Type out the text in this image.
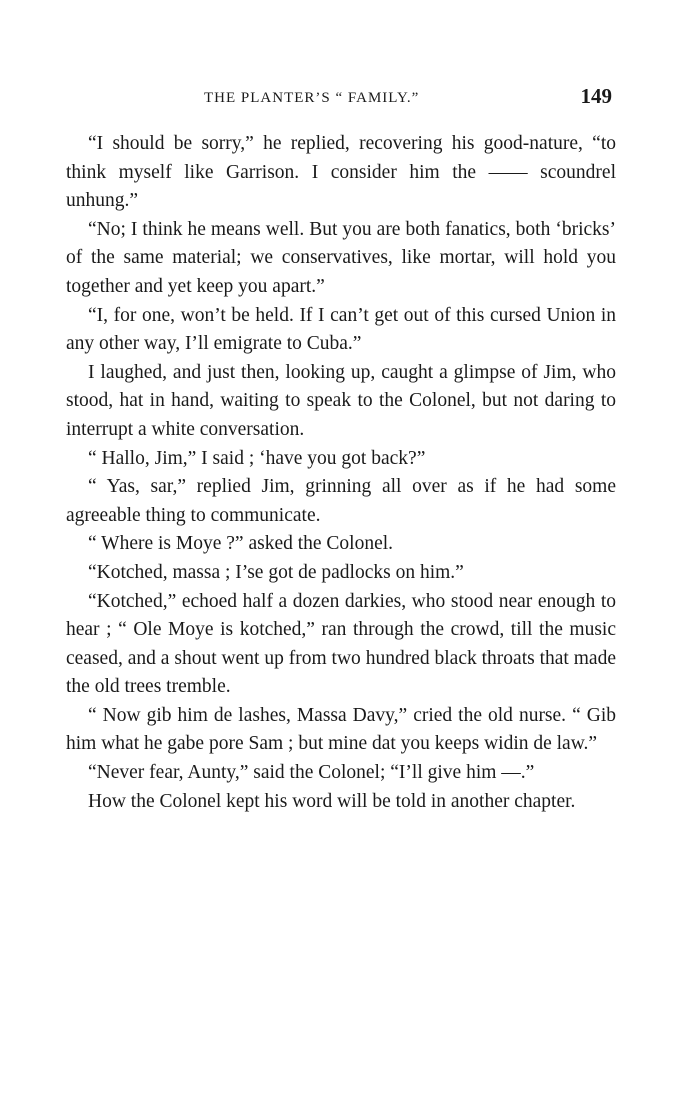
THE PLANTER’S “ FAMILY.”	149

“I should be sorry,” he replied, recovering his good-nature, “to think myself like Garrison. I consider him the —— scoundrel unhung.”

“No; I think he means well. But you are both fanatics, both ‘bricks’ of the same material; we conservatives, like mortar, will hold you together and yet keep you apart.”

“I, for one, won’t be held. If I can’t get out of this cursed Union in any other way, I’ll emigrate to Cuba.”

I laughed, and just then, looking up, caught a glimpse of Jim, who stood, hat in hand, waiting to speak to the Colonel, but not daring to interrupt a white conversation.

“ Hallo, Jim,” I said ; ‘have you got back?”

“ Yas, sar,” replied Jim, grinning all over as if he had some agreeable thing to communicate.

“ Where is Moye ?” asked the Colonel.

“Kotched, massa ; I’se got de padlocks on him.”

“Kotched,” echoed half a dozen darkies, who stood near enough to hear ; “ Ole Moye is kotched,” ran through the crowd, till the music ceased, and a shout went up from two hundred black throats that made the old trees tremble.

“ Now gib him de lashes, Massa Davy,” cried the old nurse. “ Gib him what he gabe pore Sam ; but mine dat you keeps widin de law.”

“Never fear, Aunty,” said the Colonel; “I’ll give him —.”

How the Colonel kept his word will be told in another chapter.
